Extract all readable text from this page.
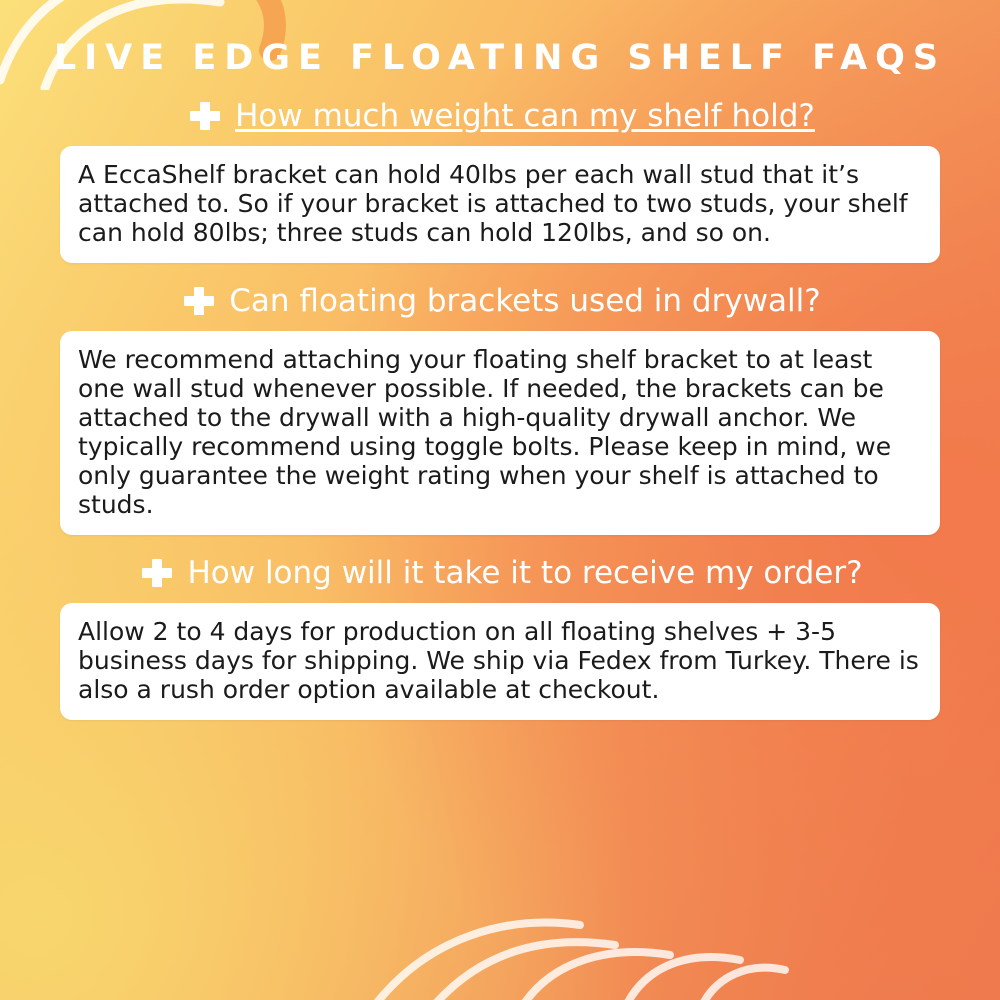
LIVE EDGE FLOATING SHELF FAQS
How much weight can my shelf hold?
A EccaShelf bracket can hold 40lbs per each wall stud that it’s attached to. So if your bracket is attached to two studs, your shelf can hold 80lbs; three studs can hold 120lbs, and so on.
Can floating brackets used in drywall?
We recommend attaching your floating shelf bracket to at least one wall stud whenever possible. If needed, the brackets can be attached to the drywall with a high-quality drywall anchor. We typically recommend using toggle bolts. Please keep in mind, we only guarantee the weight rating when your shelf is attached to studs.
How long will it take it to receive my order?
Allow 2 to 4 days for production on all floating shelves + 3-5 business days for shipping. We ship via Fedex from Turkey. There is also a rush order option available at checkout.
